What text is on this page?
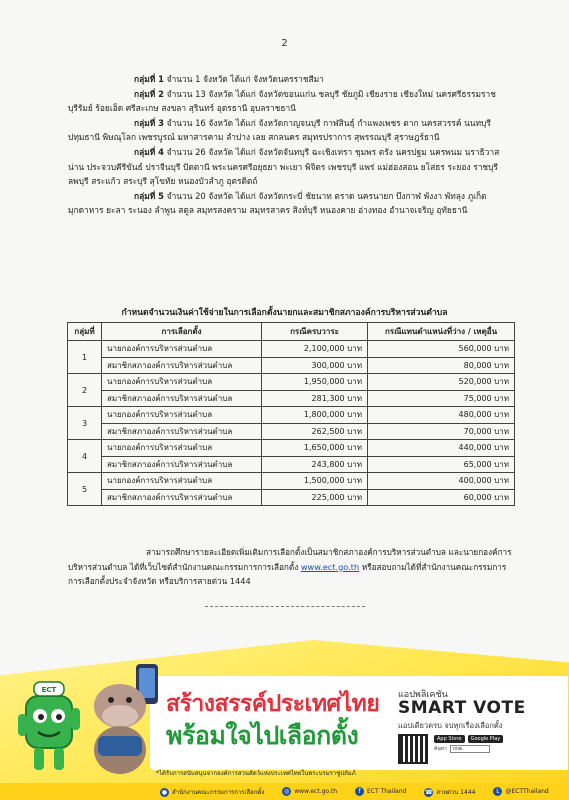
2
กลุ่มที่ 1 จำนวน 1 จังหวัด ได้แก่ จังหวัดนครราชสีมา
กลุ่มที่ 2 จำนวน 13 จังหวัด ได้แก่ จังหวัดขอนแก่น ชลบุรี ชัยภูมิ เชียงราย เชียงใหม่ นครศรีธรรมราช บุรีรัมย์ ร้อยเอ็ด ศรีสะเกษ สงขลา สุรินทร์ อุดรธานี อุบลราชธานี
กลุ่มที่ 3 จำนวน 16 จังหวัด ได้แก่ จังหวัดกาญจนบุรี กาฬสินธุ์ กำแพงเพชร ตาก นครสวรรค์ นนทบุรี ปทุมธานี พิษณุโลก เพชรบูรณ์ มหาสารคาม ลำปาง เลย สกลนคร สมุทรปราการ สุพรรณบุรี สุราษฎร์ธานี
กลุ่มที่ 4 จำนวน 26 จังหวัด ได้แก่ จังหวัดจันทบุรี ฉะเชิงเทรา ชุมพร ตรัง นครปฐม นครพนม นราธิวาส น่าน ประจวบคีรีขันธ์ ปราจีนบุรี ปัตตานี พระนครศรีอยุธยา พะเยา พิจิตร เพชรบุรี แพร่ แม่ฮ่องสอน ยโสธร ระยอง ราชบุรี ลพบุรี สระแก้ว สระบุรี สุโขทัย หนองบัวลำภู อุตรดิตถ์
กลุ่มที่ 5 จำนวน 20 จังหวัด ได้แก่ จังหวัดกระบี่ ชัยนาท ตราด นครนายก บึงกาฬ พังงา พัทลุง ภูเก็ต มุกดาหาร ยะลา ระนอง ลำพูน สตูล สมุทรสงคราม สมุทรสาคร สิงห์บุรี หนองคาย อ่างทอง อำนาจเจริญ อุทัยธานี
กำหนดจำนวนเงินค่าใช้จ่ายในการเลือกตั้งนายกและสมาชิกสภาองค์การบริหารส่วนตำบล
กลุ่มที่	การเลือกตั้ง	กรณีครบวาระ	กรณีแทนตำแหน่งที่ว่าง / เหตุอื่น
1	นายกองค์การบริหารส่วนตำบล	2,100,000 บาท	560,000 บาท
	สมาชิกสภาองค์การบริหารส่วนตำบล	300,000 บาท	80,000 บาท
2	นายกองค์การบริหารส่วนตำบล	1,950,000 บาท	520,000 บาท
	สมาชิกสภาองค์การบริหารส่วนตำบล	281,300 บาท	75,000 บาท
3	นายกองค์การบริหารส่วนตำบล	1,800,000 บาท	480,000 บาท
	สมาชิกสภาองค์การบริหารส่วนตำบล	262,500 บาท	70,000 บาท
4	นายกองค์การบริหารส่วนตำบล	1,650,000 บาท	440,000 บาท
	สมาชิกสภาองค์การบริหารส่วนตำบล	243,800 บาท	65,000 บาท
5	นายกองค์การบริหารส่วนตำบล	1,500,000 บาท	400,000 บาท
	สมาชิกสภาองค์การบริหารส่วนตำบล	225,000 บาท	60,000 บาท

สามารถศึกษารายละเอียดเพิ่มเติมการเลือกตั้งเป็นสมาชิกสภาองค์การบริหารส่วนตำบล และนายกองค์การบริหารส่วนตำบล ได้ที่เว็บไซต์สำนักงานคณะกรรมการการเลือกตั้ง www.ect.go.th หรือสอบถามได้ที่สำนักงานคณะกรรมการการเลือกตั้งประจำจังหวัด หรือบริการสายด่วน 1444

ECT
สร้างสรรค์ประเทศไทย
พร้อมใจไปเลือกตั้ง
แอปพลิเคชัน
SMART VOTE
แอปเดียวครบ จบทุกเรื่องเลือกตั้ง
App Store	Google Play
ค้นหา	กกต.
*ได้รับการสนับสนุนจากองค์การสวนสัตว์แห่งประเทศไทยในพระบรมราชูปถัมภ์
● สำนักงานคณะกรรมการการเลือกตั้ง	◎ www.ect.go.th	f ECT Thailand	☎ สายด่วน 1444	L @ECTThailand
